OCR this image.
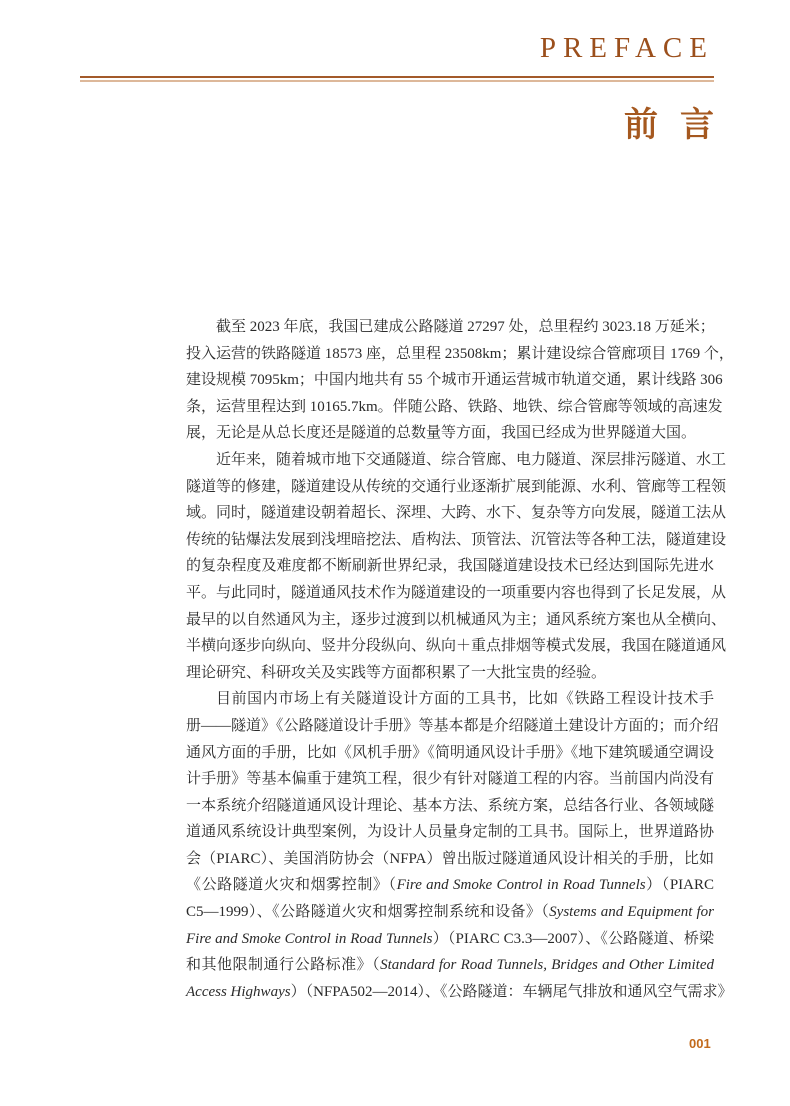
PREFACE
前言
截至 2023 年底，我国已建成公路隧道 27297 处，总里程约 3023.18 万延米；
投入运营的铁路隧道 18573 座，总里程 23508km；累计建设综合管廊项目 1769 个，
建设规模 7095km；中国内地共有 55 个城市开通运营城市轨道交通，累计线路 306
条，运营里程达到 10165.7km。伴随公路、铁路、地铁、综合管廊等领域的高速发
展，无论是从总长度还是隧道的总数量等方面，我国已经成为世界隧道大国。
近年来，随着城市地下交通隧道、综合管廊、电力隧道、深层排污隧道、水工
隧道等的修建，隧道建设从传统的交通行业逐渐扩展到能源、水利、管廊等工程领
域。同时，隧道建设朝着超长、深埋、大跨、水下、复杂等方向发展，隧道工法从
传统的钻爆法发展到浅埋暗挖法、盾构法、顶管法、沉管法等各种工法，隧道建设
的复杂程度及难度都不断刷新世界纪录，我国隧道建设技术已经达到国际先进水
平。与此同时，隧道通风技术作为隧道建设的一项重要内容也得到了长足发展，从
最早的以自然通风为主，逐步过渡到以机械通风为主；通风系统方案也从全横向、
半横向逐步向纵向、竖井分段纵向、纵向＋重点排烟等模式发展，我国在隧道通风
理论研究、科研攻关及实践等方面都积累了一大批宝贵的经验。
目前国内市场上有关隧道设计方面的工具书，比如《铁路工程设计技术手
册——隧道》《公路隧道设计手册》等基本都是介绍隧道土建设计方面的；而介绍
通风方面的手册，比如《风机手册》《简明通风设计手册》《地下建筑暖通空调设
计手册》等基本偏重于建筑工程，很少有针对隧道工程的内容。当前国内尚没有
一本系统介绍隧道通风设计理论、基本方法、系统方案，总结各行业、各领域隧
道通风系统设计典型案例，为设计人员量身定制的工具书。国际上，世界道路协
会（PIARC）、美国消防协会（NFPA）曾出版过隧道通风设计相关的手册，比如
《公路隧道火灾和烟雾控制》（Fire and Smoke Control in Road Tunnels）（PIARC
C5—1999）、《公路隧道火灾和烟雾控制系统和设备》（Systems and Equipment for
Fire and Smoke Control in Road Tunnels）（PIARC C3.3—2007）、《公路隧道、桥梁
和其他限制通行公路标准》（Standard for Road Tunnels, Bridges and Other Limited
Access Highways）（NFPA502—2014）、《公路隧道：车辆尾气排放和通风空气需求》
001
